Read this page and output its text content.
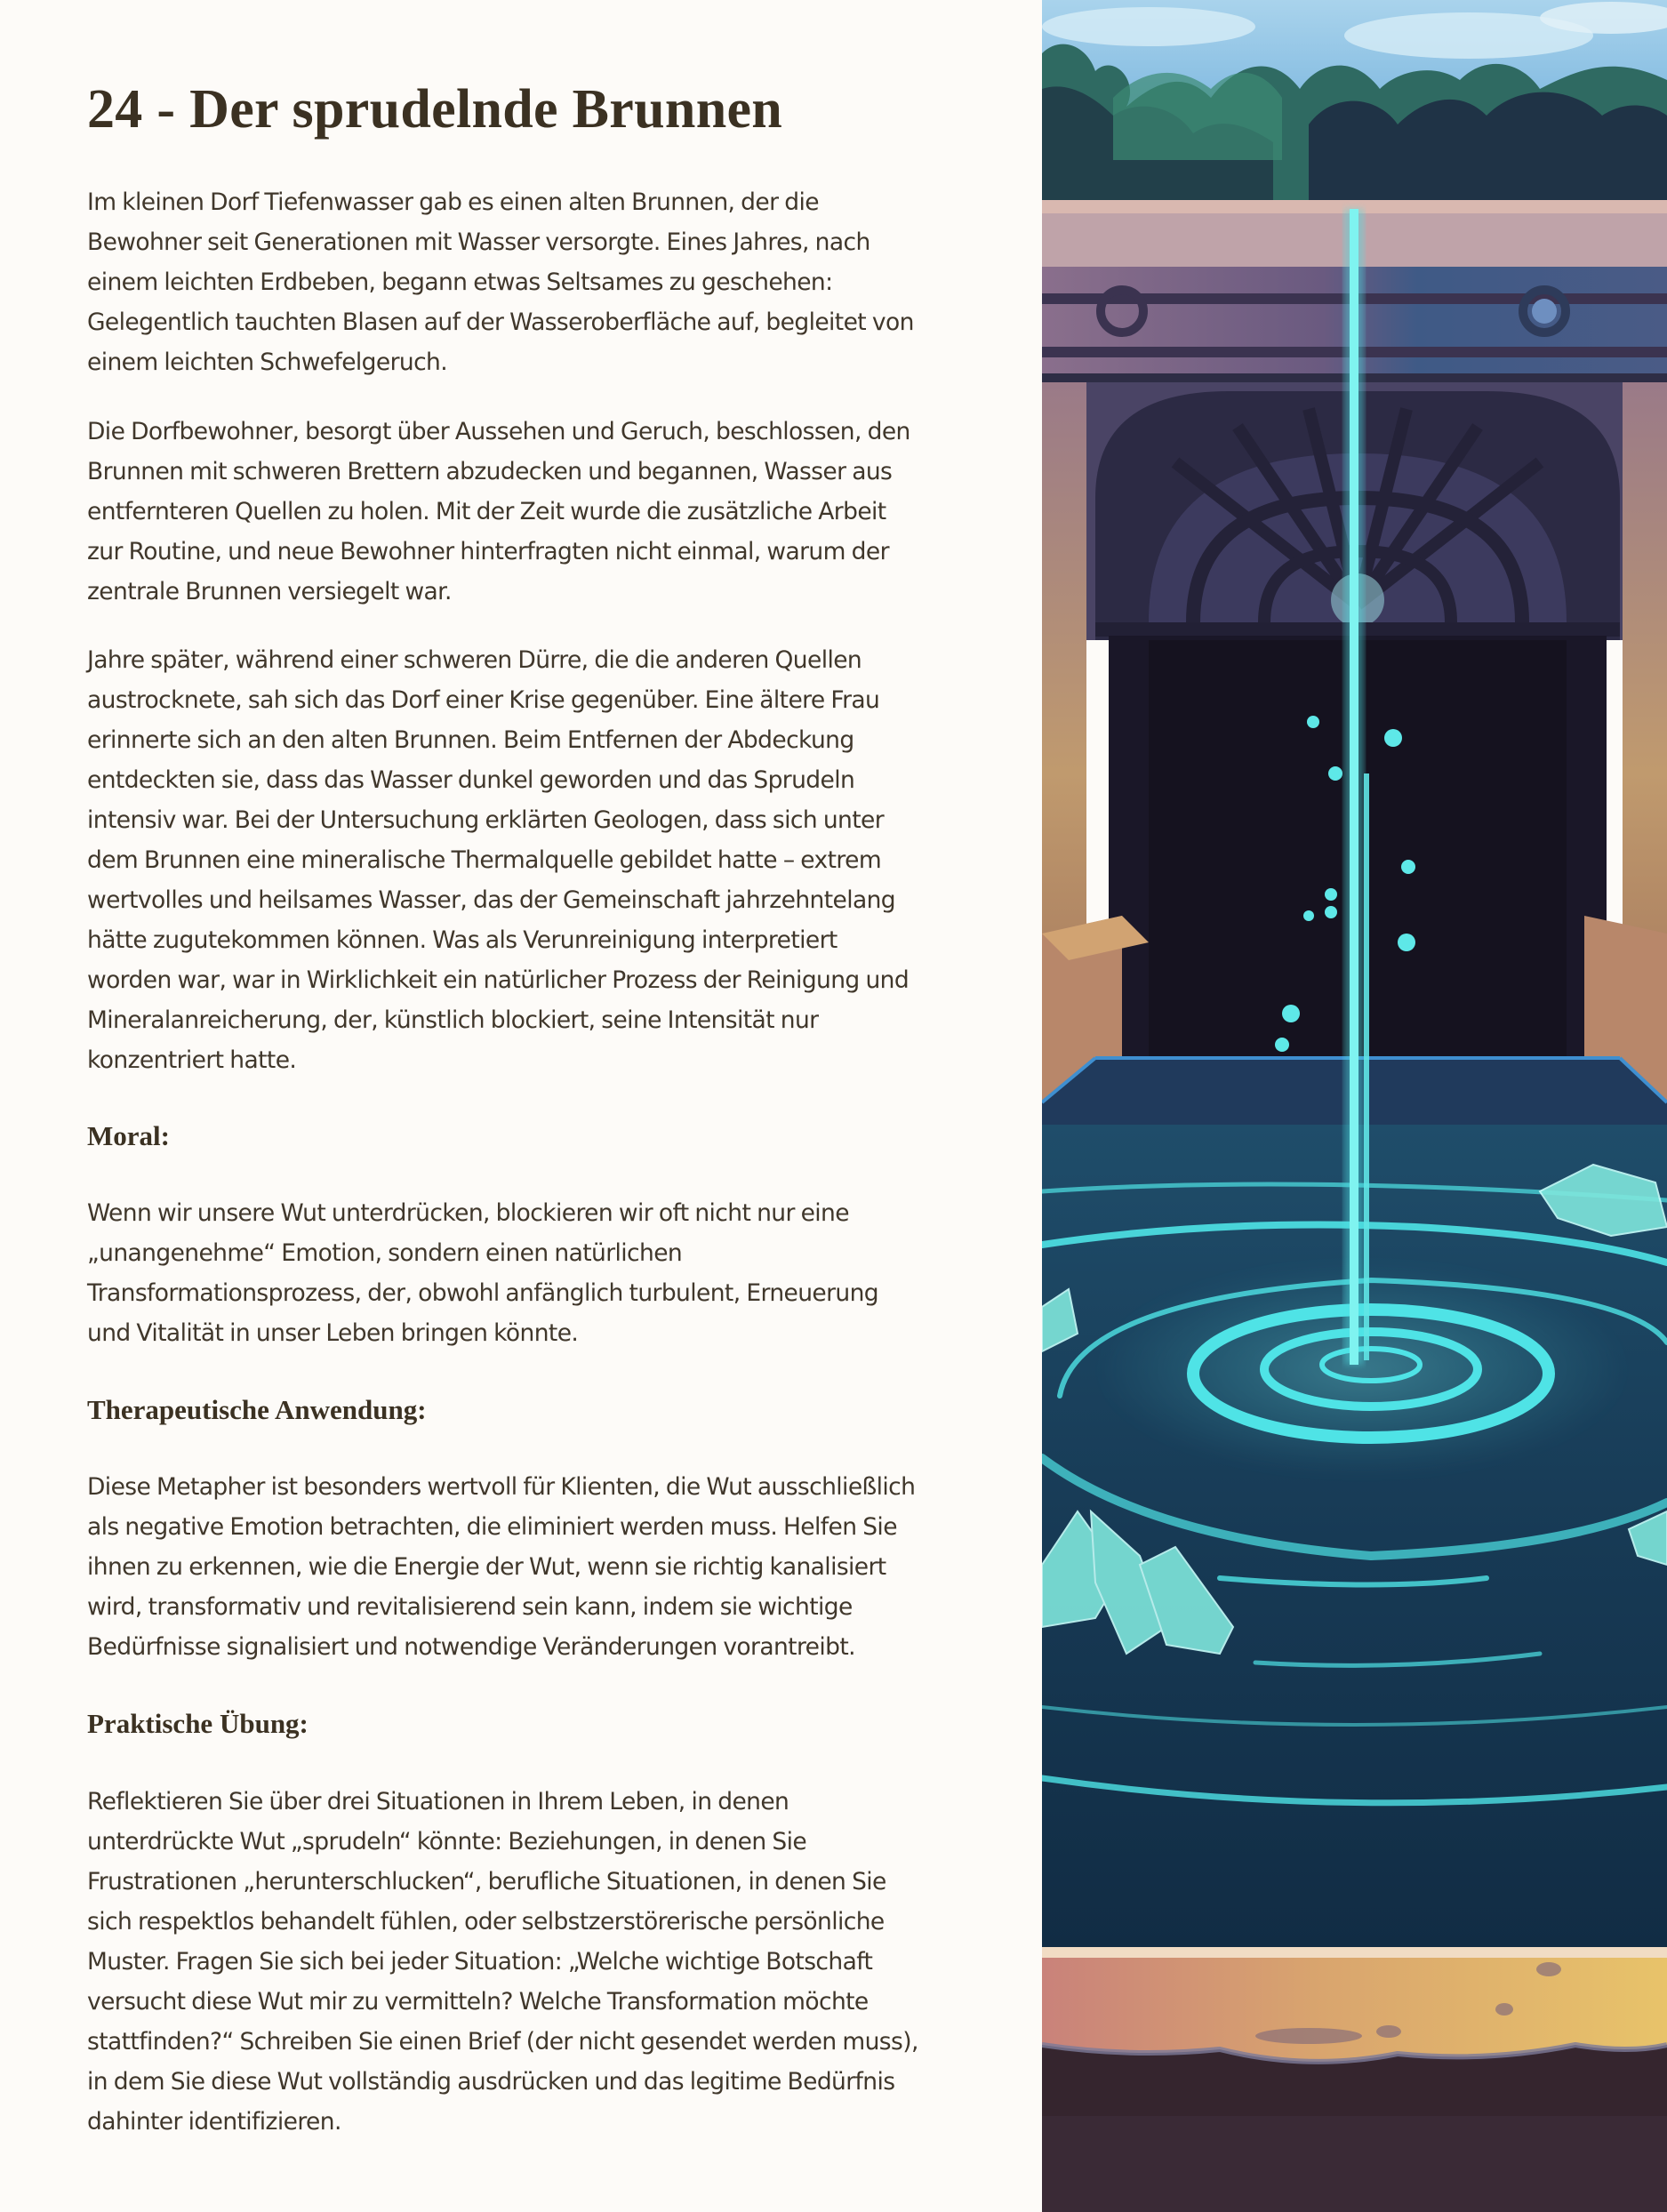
24 - Der sprudelnde Brunnen

Im kleinen Dorf Tiefenwasser gab es einen alten Brunnen, der die
Bewohner seit Generationen mit Wasser versorgte. Eines Jahres, nach
einem leichten Erdbeben, begann etwas Seltsames zu geschehen:
Gelegentlich tauchten Blasen auf der Wasseroberfläche auf, begleitet von
einem leichten Schwefelgeruch.

Die Dorfbewohner, besorgt über Aussehen und Geruch, beschlossen, den
Brunnen mit schweren Brettern abzudecken und begannen, Wasser aus
entfernteren Quellen zu holen. Mit der Zeit wurde die zusätzliche Arbeit
zur Routine, und neue Bewohner hinterfragten nicht einmal, warum der
zentrale Brunnen versiegelt war.

Jahre später, während einer schweren Dürre, die die anderen Quellen
austrocknete, sah sich das Dorf einer Krise gegenüber. Eine ältere Frau
erinnerte sich an den alten Brunnen. Beim Entfernen der Abdeckung
entdeckten sie, dass das Wasser dunkel geworden und das Sprudeln
intensiv war. Bei der Untersuchung erklärten Geologen, dass sich unter
dem Brunnen eine mineralische Thermalquelle gebildet hatte – extrem
wertvolles und heilsames Wasser, das der Gemeinschaft jahrzehntelang
hätte zugutekommen können. Was als Verunreinigung interpretiert
worden war, war in Wirklichkeit ein natürlicher Prozess der Reinigung und
Mineralanreicherung, der, künstlich blockiert, seine Intensität nur
konzentriert hatte.

Moral:

Wenn wir unsere Wut unterdrücken, blockieren wir oft nicht nur eine
„unangenehme“ Emotion, sondern einen natürlichen
Transformationsprozess, der, obwohl anfänglich turbulent, Erneuerung
und Vitalität in unser Leben bringen könnte.

Therapeutische Anwendung:

Diese Metapher ist besonders wertvoll für Klienten, die Wut ausschließlich
als negative Emotion betrachten, die eliminiert werden muss. Helfen Sie
ihnen zu erkennen, wie die Energie der Wut, wenn sie richtig kanalisiert
wird, transformativ und revitalisierend sein kann, indem sie wichtige
Bedürfnisse signalisiert und notwendige Veränderungen vorantreibt.

Praktische Übung:

Reflektieren Sie über drei Situationen in Ihrem Leben, in denen
unterdrückte Wut „sprudeln“ könnte: Beziehungen, in denen Sie
Frustrationen „herunterschlucken“, berufliche Situationen, in denen Sie
sich respektlos behandelt fühlen, oder selbstzerstörerische persönliche
Muster. Fragen Sie sich bei jeder Situation: „Welche wichtige Botschaft
versucht diese Wut mir zu vermitteln? Welche Transformation möchte
stattfinden?“ Schreiben Sie einen Brief (der nicht gesendet werden muss),
in dem Sie diese Wut vollständig ausdrücken und das legitime Bedürfnis
dahinter identifizieren.
